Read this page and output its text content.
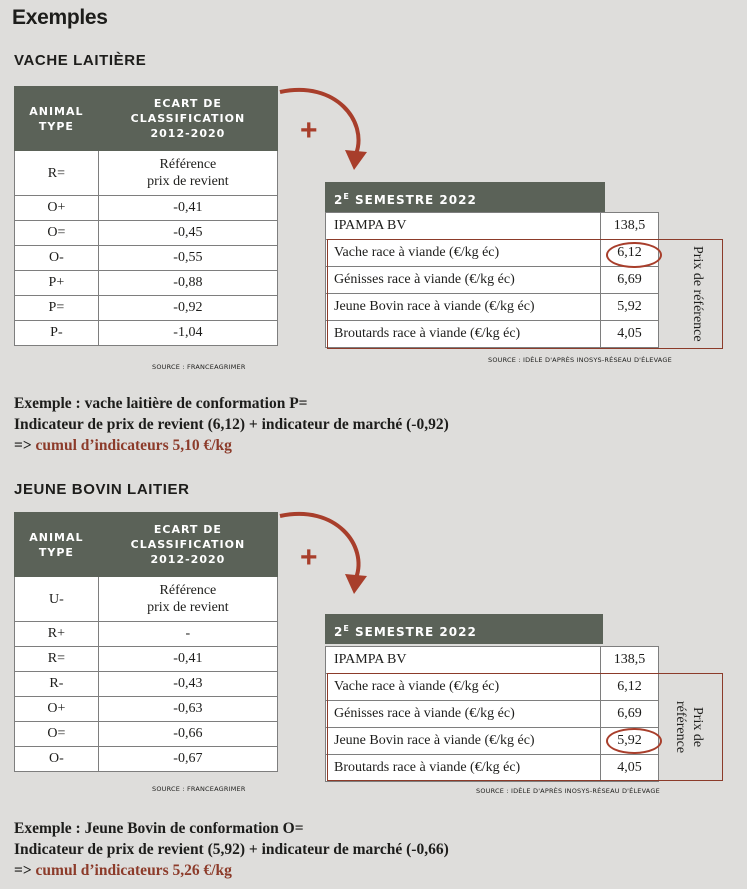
Exemples
VACHE LAITIÈRE
ANIMAL TYPE	ECART DE CLASSIFICATION 2012-2020
R=	Référence
prix de revient
O+	-0,41
O=	-0,45
O-	-0,55
P+	-0,88
P=	-0,92
P-	-1,04
SOURCE : FRANCEAGRIMER
+
$2^E$ SEMESTRE 2022
IPAMPA BV	138,5
Vache race à viande (€/kg éc)	6,12
Génisses race à viande (€/kg éc)	6,69
Jeune Bovin race à viande (€/kg éc)	5,92
Broutards race à viande (€/kg éc)	4,05	Prix de référence
SOURCE : IDÈLE D'APRÈS INOSYS-RÉSEAU D'ÉLEVAGE
Exemple : vache laitière de conformation P=
Indicateur de prix de revient (6,12) + indicateur de marché (-0,92)
=> cumul d’indicateurs 5,10 €/kg
JEUNE BOVIN LAITIER
ANIMAL TYPE	ECART DE CLASSIFICATION 2012-2020
U-	Référence
prix de revient
R+	-
R=	-0,41
R-	-0,43
O+	-0,63
O=	-0,66
O-	-0,67
SOURCE : FRANCEAGRIMER
+
$2^E$ SEMESTRE 2022
IPAMPA BV	138,5
Vache race à viande (€/kg éc)	6,12
Génisses race à viande (€/kg éc)	6,69
Jeune Bovin race à viande (€/kg éc)	5,92
Broutards race à viande (€/kg éc)	4,05
Prix de référence
SOURCE : IDÈLE D'APRÈS INOSYS-RÉSEAU D'ÉLEVAGE
Exemple : Jeune Bovin de conformation O=
Indicateur de prix de revient (5,92) + indicateur de marché (-0,66)
=> cumul d’indicateurs 5,26 €/kg
